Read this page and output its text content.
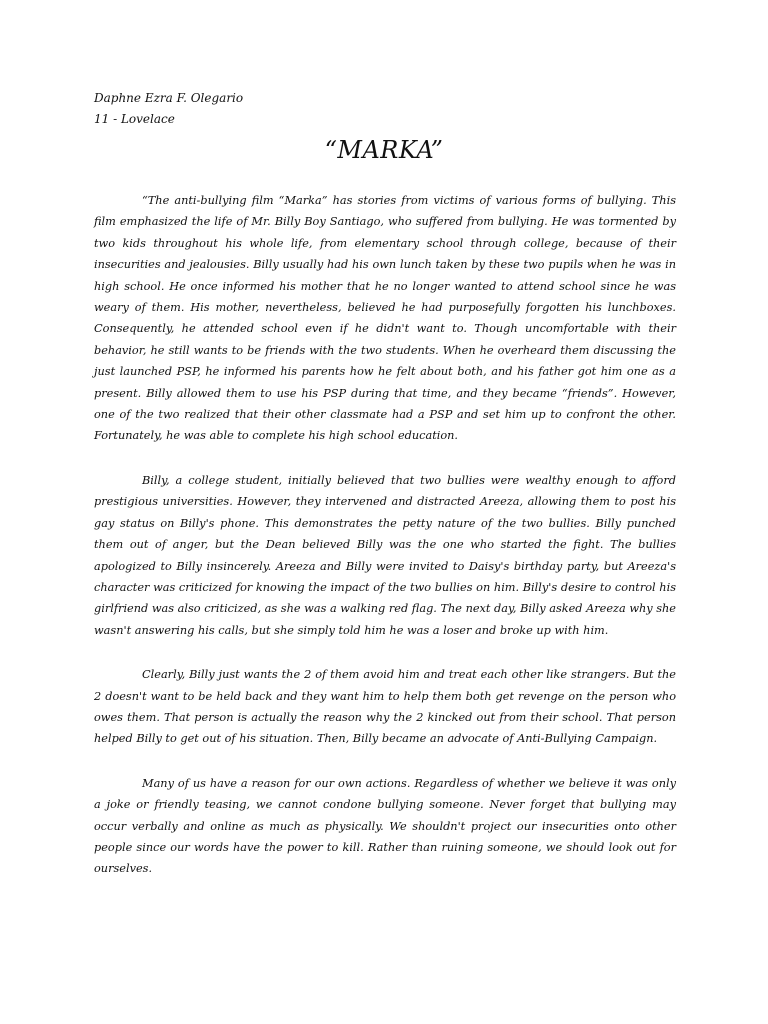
Daphne Ezra F. Olegario
11 - Lovelace
“MARKA”

“The anti-bullying film “Marka” has stories from victims of various forms of bullying. This film emphasized the life of Mr. Billy Boy Santiago, who suffered from bullying. He was tormented by two kids throughout his whole life, from elementary school through college, because of their insecurities and jealousies. Billy usually had his own lunch taken by these two pupils when he was in high school. He once informed his mother that he no longer wanted to attend school since he was weary of them. His mother, nevertheless, believed he had purposefully forgotten his lunchboxes. Consequently, he attended school even if he didn't want to. Though uncomfortable with their behavior, he still wants to be friends with the two students. When he overheard them discussing the just launched PSP, he informed his parents how he felt about both, and his father got him one as a present. Billy allowed them to use his PSP during that time, and they became “friends”. However, one of the two realized that their other classmate had a PSP and set him up to confront the other. Fortunately, he was able to complete his high school education.

Billy, a college student, initially believed that two bullies were wealthy enough to afford prestigious universities. However, they intervened and distracted Areeza, allowing them to post his gay status on Billy's phone. This demonstrates the petty nature of the two bullies. Billy punched them out of anger, but the Dean believed Billy was the one who started the fight. The bullies apologized to Billy insincerely. Areeza and Billy were invited to Daisy's birthday party, but Areeza's character was criticized for knowing the impact of the two bullies on him. Billy's desire to control his girlfriend was also criticized, as she was a walking red flag. The next day, Billy asked Areeza why she wasn't answering his calls, but she simply told him he was a loser and broke up with him.

Clearly, Billy just wants the 2 of them avoid him and treat each other like strangers. But the 2 doesn't want to be held back and they want him to help them both get revenge on the person who owes them. That person is actually the reason why the 2 kincked out from their school. That person helped Billy to get out of his situation. Then, Billy became an advocate of Anti-Bullying Campaign.

Many of us have a reason for our own actions. Regardless of whether we believe it was only a joke or friendly teasing, we cannot condone bullying someone. Never forget that bullying may occur verbally and online as much as physically. We shouldn't project our insecurities onto other people since our words have the power to kill. Rather than ruining someone, we should look out for ourselves.
